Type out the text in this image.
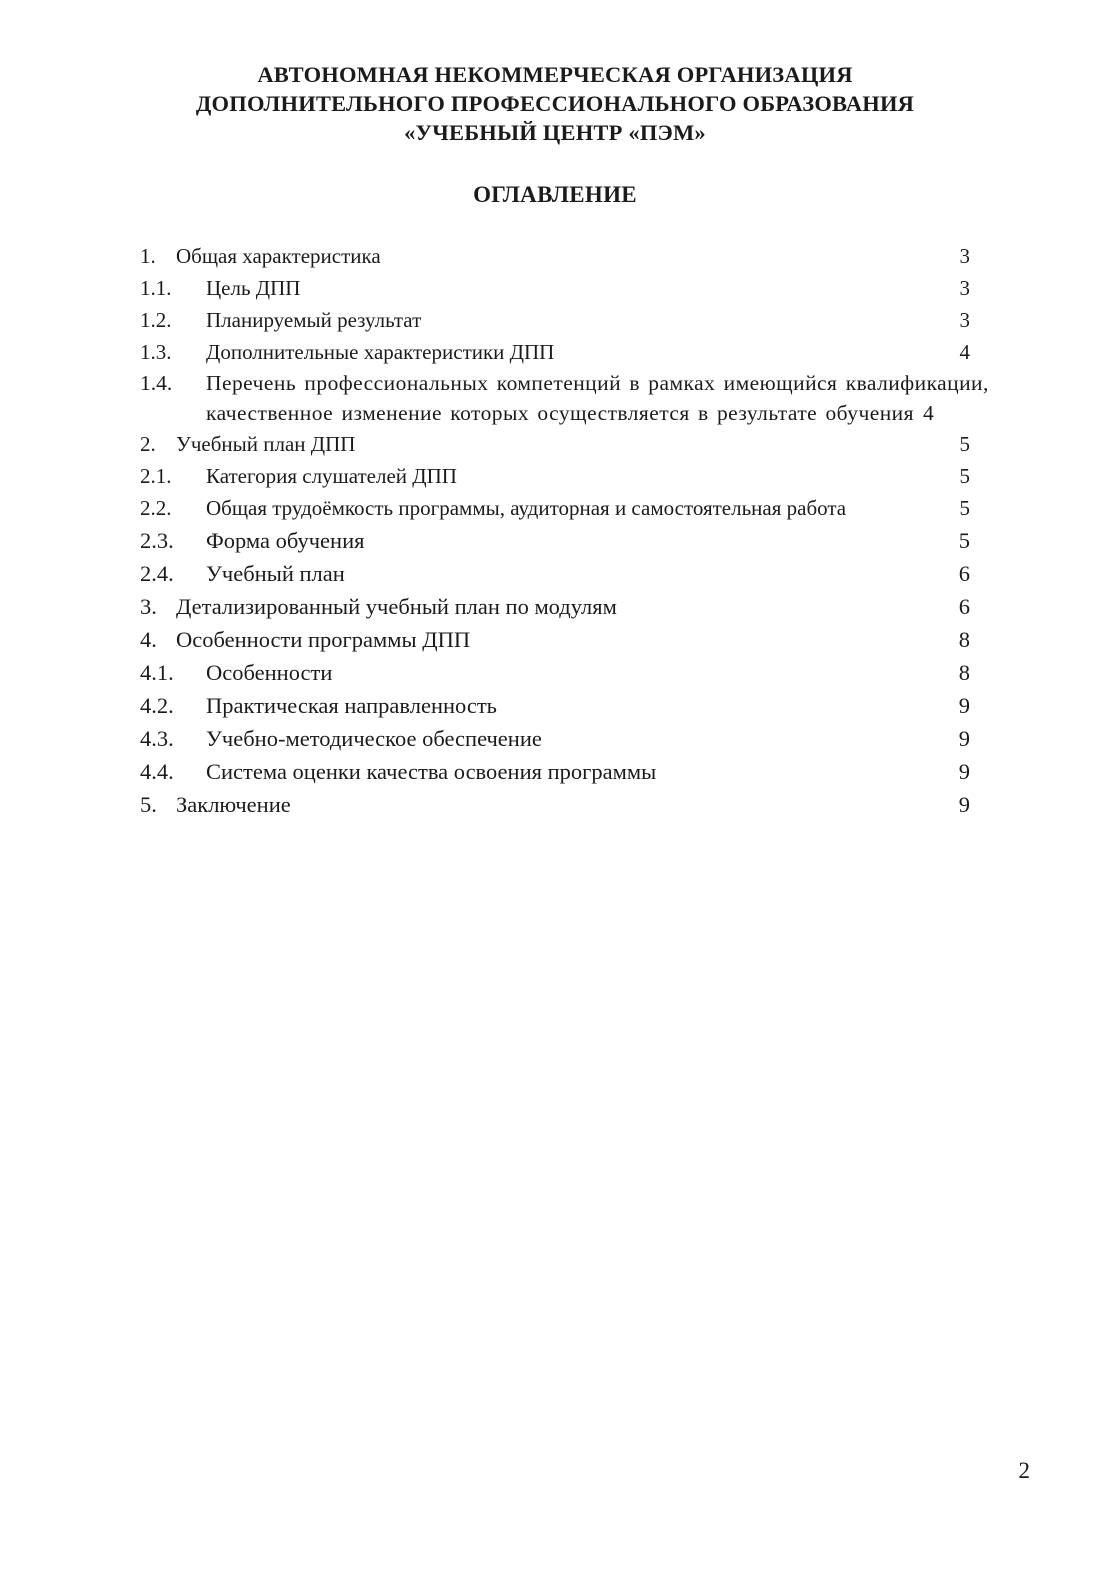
АВТОНОМНАЯ НЕКОММЕРЧЕСКАЯ ОРГАНИЗАЦИЯ
ДОПОЛНИТЕЛЬНОГО ПРОФЕССИОНАЛЬНОГО ОБРАЗОВАНИЯ
«УЧЕБНЫЙ ЦЕНТР «ПЭМ»
ОГЛАВЛЕНИЕ
1. Общая характеристика	3
1.1.	Цель ДПП	3
1.2.	Планируемый результат	3
1.3.	Дополнительные характеристики ДПП	4
1.4. Перечень профессиональных компетенций в рамках имеющийся квалификации,
качественное изменение которых осуществляется в результате обучения 4
2. Учебный план ДПП	5
2.1.	Категория слушателей ДПП	5
2.2.	Общая трудоёмкость программы, аудиторная и самостоятельная работа	5
2.3.	Форма обучения	5
2.4.	Учебный план	6
3. Детализированный учебный план по модулям	6
4. Особенности программы ДПП	8
4.1.	Особенности	8
4.2.	Практическая направленность	9
4.3.	Учебно-методическое обеспечение	9
4.4.	Система оценки качества освоения программы	9
5. Заключение	9
2
